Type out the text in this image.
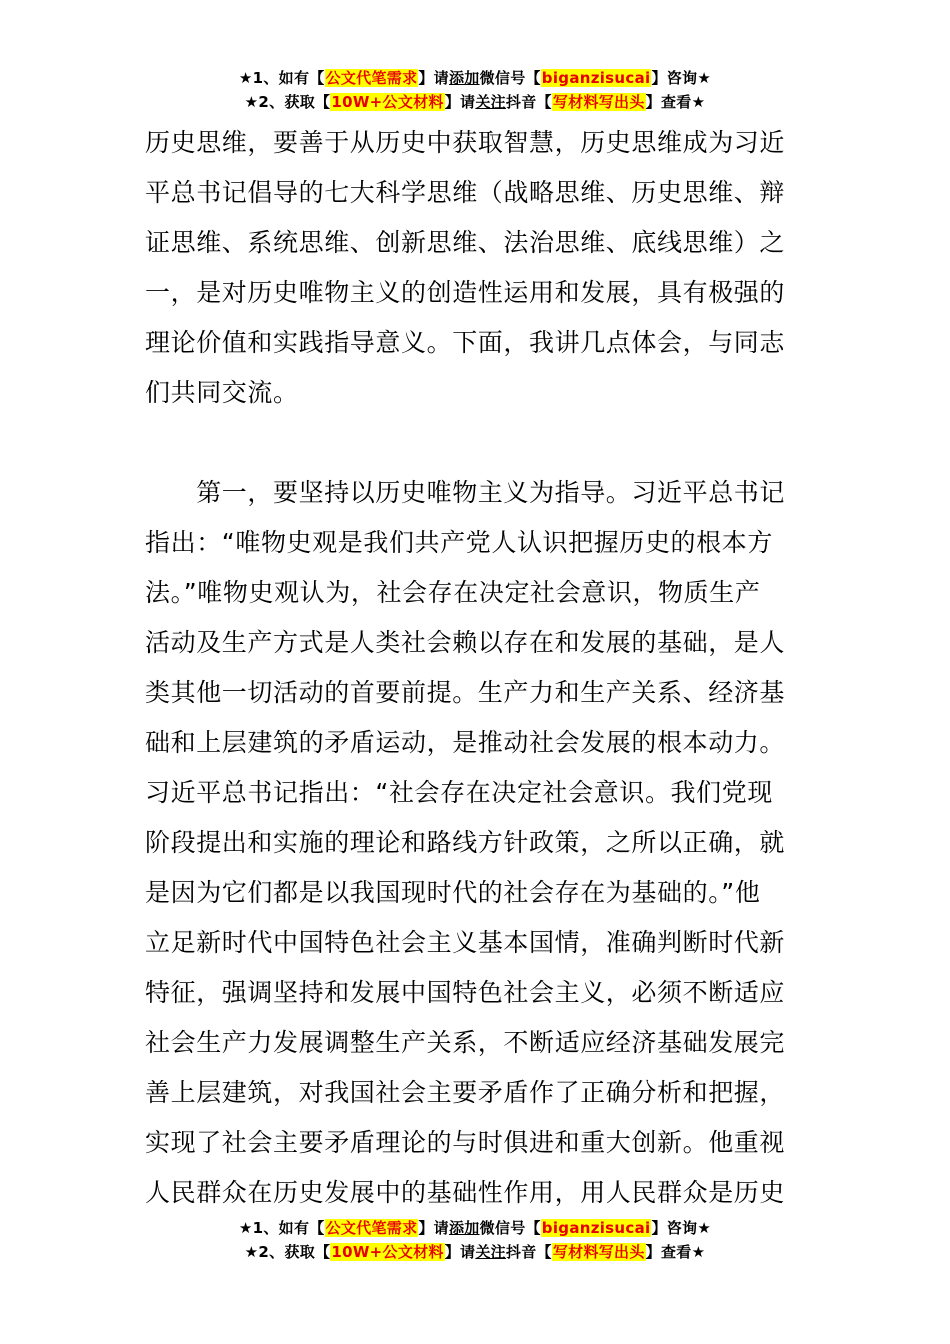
★1、如有【公文代笔需求】请添加微信号【biganzisucai】咨询★
★2、获取【10W+公文材料】请关注抖音【写材料写出头】查看★

历史思维，要善于从历史中获取智慧，历史思维成为习近
平总书记倡导的七大科学思维（战略思维、历史思维、辩
证思维、系统思维、创新思维、法治思维、底线思维）之
一，是对历史唯物主义的创造性运用和发展，具有极强的
理论价值和实践指导意义。下面，我讲几点体会，与同志
们共同交流。

　　第一，要坚持以历史唯物主义为指导。习近平总书记
指出：“唯物史观是我们共产党人认识把握历史的根本方
法。”唯物史观认为，社会存在决定社会意识，物质生产
活动及生产方式是人类社会赖以存在和发展的基础，是人
类其他一切活动的首要前提。生产力和生产关系、经济基
础和上层建筑的矛盾运动，是推动社会发展的根本动力。
习近平总书记指出：“社会存在决定社会意识。我们党现
阶段提出和实施的理论和路线方针政策，之所以正确，就
是因为它们都是以我国现时代的社会存在为基础的。”他
立足新时代中国特色社会主义基本国情，准确判断时代新
特征，强调坚持和发展中国特色社会主义，必须不断适应
社会生产力发展调整生产关系，不断适应经济基础发展完
善上层建筑，对我国社会主要矛盾作了正确分析和把握，
实现了社会主要矛盾理论的与时俱进和重大创新。他重视
人民群众在历史发展中的基础性作用，用人民群众是历史

★1、如有【公文代笔需求】请添加微信号【biganzisucai】咨询★
★2、获取【10W+公文材料】请关注抖音【写材料写出头】查看★
